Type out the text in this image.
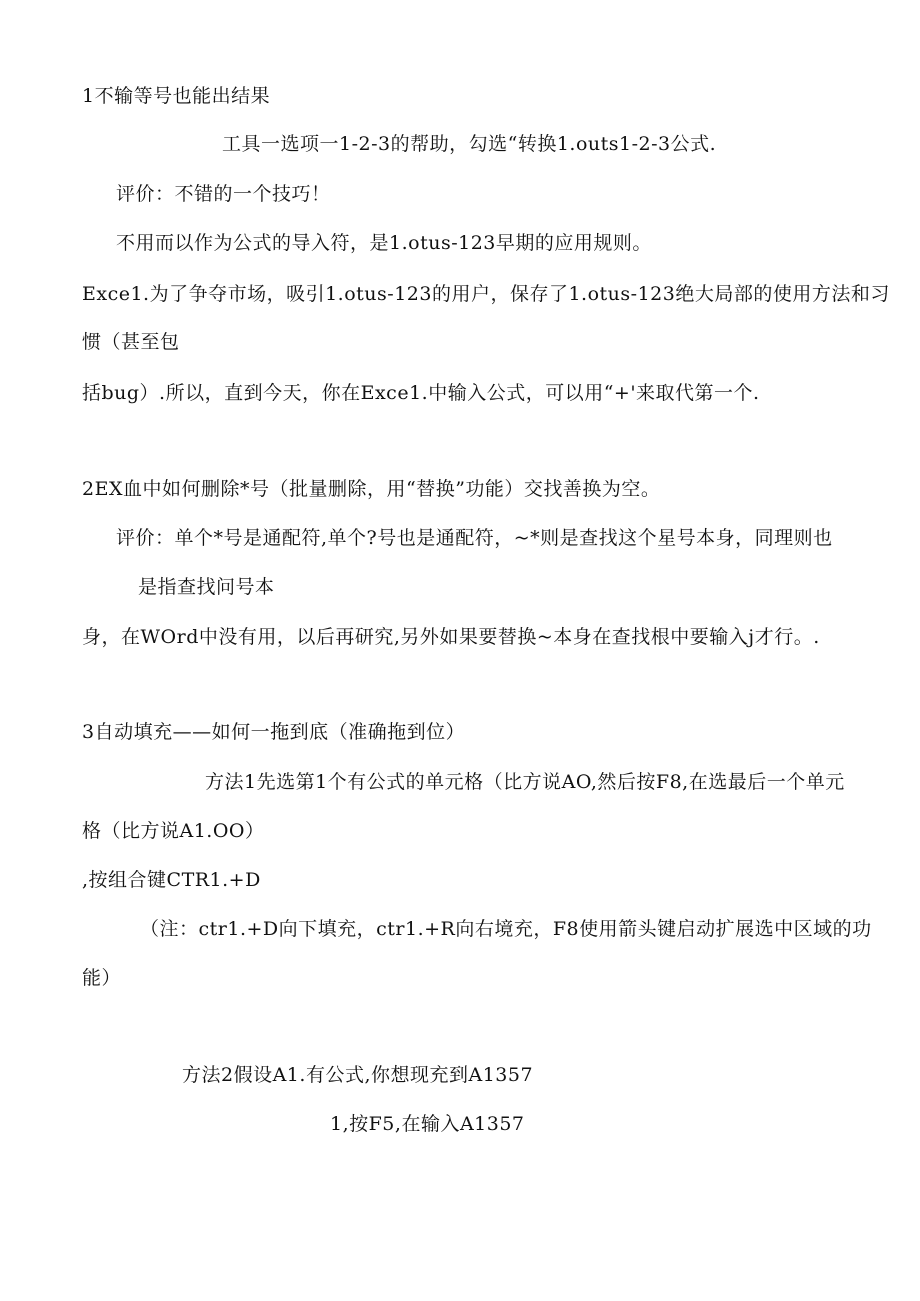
1不输等号也能出结果
工具一选项一1-2-3的帮助，勾选“转换1.outs1-2-3公式.
评价：不错的一个技巧！
不用而以作为公式的导入符，是1.otus-123早期的应用规则。
Exce1.为了争夺市场，吸引1.otus-123的用户，保存了1.otus-123绝大局部的使用方法和习
惯（甚至包
括bug）.所以，直到今天，你在Exce1.中输入公式，可以用“+'来取代第一个.
2EX血中如何删除*号（批量删除，用“替换”功能）交找善换为空。
评价：单个*号是通配符,单个?号也是通配符，~*则是查找这个星号本身，同理则也
是指查找问号本
身，在WOrd中没有用，以后再研究,另外如果要替换~本身在查找根中要输入j才行。.
3自动填充——如何一拖到底（准确拖到位）
方法1先选第1个有公式的单元格（比方说AO,然后按F8,在选最后一个单元
格（比方说A1.OO）
,按组合键CTR1.+D
（注：ctr1.+D向下填充，ctr1.+R向右境充，F8使用箭头键启动扩展选中区域的功
能）
方法2假设A1.有公式,你想现充到A1357
1,按F5,在输入A1357
